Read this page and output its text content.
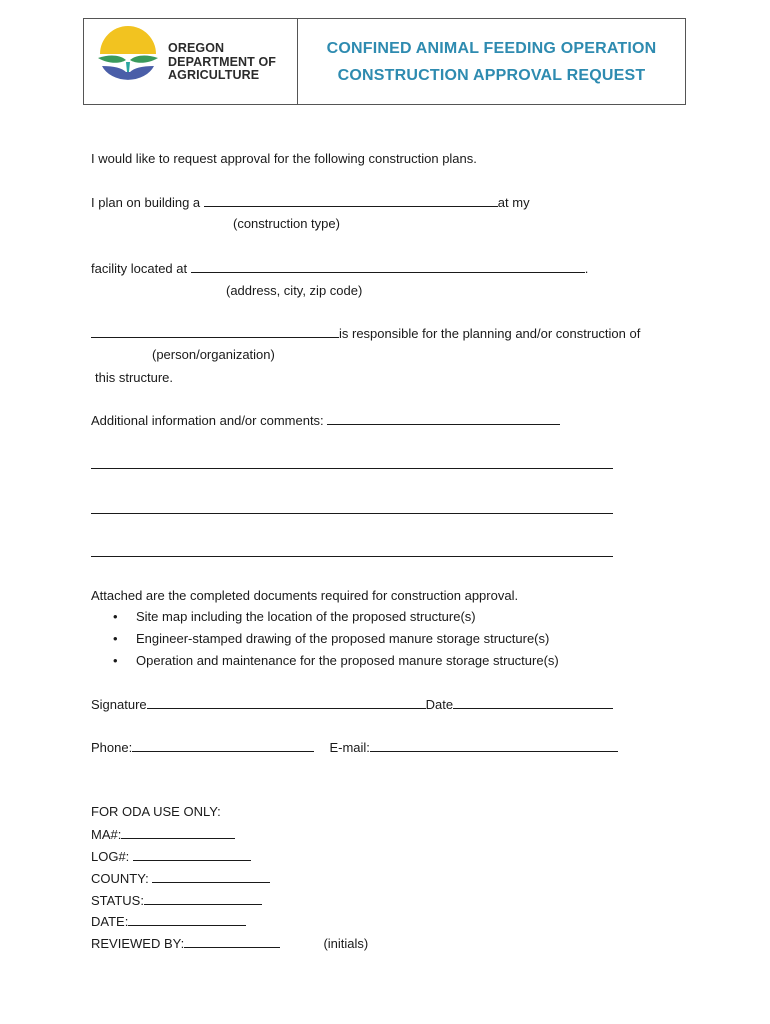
OREGON
DEPARTMENT OF
AGRICULTURE
CONFINED ANIMAL FEEDING OPERATION
CONSTRUCTION APPROVAL REQUEST
I would like to request approval for the following construction plans.
I plan on building a	at my
(construction type)
facility located at	.
(address, city, zip code)
is responsible for the planning and/or construction of
(person/organization)
this structure.
Additional information and/or comments:
Attached are the completed documents required for construction approval.
• Site map including the location of the proposed structure(s)
• Engineer-stamped drawing of the proposed manure storage structure(s)
• Operation and maintenance for the proposed manure storage structure(s)
Signature	Date
Phone:	E-mail:
FOR ODA USE ONLY:
MA#:
LOG#:
COUNTY:
STATUS:
DATE:
REVIEWED BY:	(initials)
